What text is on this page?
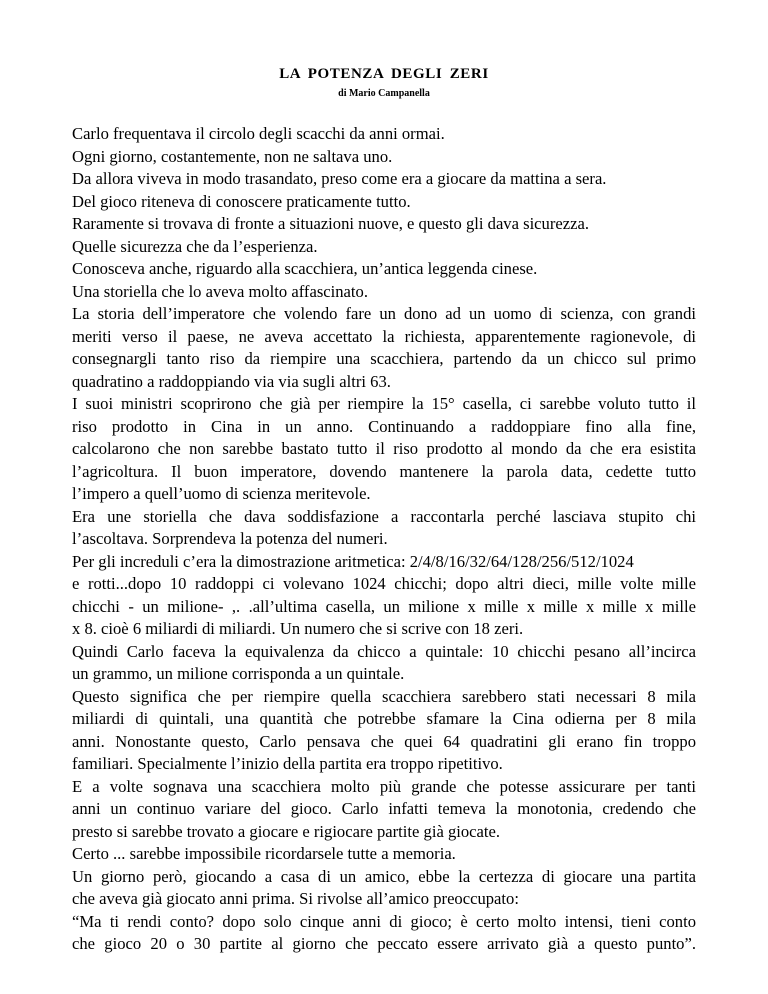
LA POTENZA DEGLI ZERI
di Mario Campanella
Carlo frequentava il circolo degli scacchi da anni ormai.
Ogni giorno, costantemente, non ne saltava uno.
Da allora viveva in modo trasandato, preso come era a giocare da mattina a sera.
Del gioco riteneva di conoscere praticamente tutto.
Raramente si trovava di fronte a situazioni nuove, e questo gli dava sicurezza.
Quelle sicurezza che da l’esperienza.
Conosceva anche, riguardo alla scacchiera, un’antica leggenda cinese.
Una storiella che lo aveva molto affascinato.
La storia dell’imperatore che volendo fare un dono ad un uomo di scienza, con grandi
meriti verso il paese, ne aveva accettato la richiesta, apparentemente ragionevole, di
consegnargli tanto riso da riempire una scacchiera, partendo da un chicco sul primo
quadratino a raddoppiando via via sugli altri 63.
I suoi ministri scoprirono che già per riempire la 15° casella, ci sarebbe voluto tutto il
riso prodotto in Cina in un anno. Continuando a raddoppiare fino alla fine,
calcolarono che non sarebbe bastato tutto il riso prodotto al mondo da che era esistita
l’agricoltura. Il buon imperatore, dovendo mantenere la parola data, cedette tutto
l’impero a quell’uomo di scienza meritevole.
Era une storiella che dava soddisfazione a raccontarla perché lasciava stupito chi
l’ascoltava. Sorprendeva la potenza del numeri.
Per gli increduli c’era la dimostrazione aritmetica: 2/4/8/16/32/64/128/256/512/1024
e rotti...dopo 10 raddoppi ci volevano 1024 chicchi; dopo altri dieci, mille volte mille
chicchi - un milione- ,. .all’ultima casella, un milione x mille x mille x mille x mille
x 8. cioè 6 miliardi di miliardi. Un numero che si scrive con 18 zeri.
Quindi Carlo faceva la equivalenza da chicco a quintale: 10 chicchi pesano all’incirca
un grammo, un milione corrisponda a un quintale.
Questo significa che per riempire quella scacchiera sarebbero stati necessari 8 mila
miliardi di quintali, una quantità che potrebbe sfamare la Cina odierna per 8 mila
anni. Nonostante questo, Carlo pensava che quei 64 quadratini gli erano fin troppo
familiari. Specialmente l’inizio della partita era troppo ripetitivo.
E a volte sognava una scacchiera molto più grande che potesse assicurare per tanti
anni un continuo variare del gioco. Carlo infatti temeva la monotonia, credendo che
presto si sarebbe trovato a giocare e rigiocare partite già giocate.
Certo ... sarebbe impossibile ricordarsele tutte a memoria.
Un giorno però, giocando a casa di un amico, ebbe la certezza di giocare una partita
che aveva già giocato anni prima. Si rivolse all’amico preoccupato:
“Ma ti rendi conto? dopo solo cinque anni di gioco; è certo molto intensi, tieni conto
che gioco 20 o 30 partite al giorno che peccato essere arrivato già a questo punto”.
